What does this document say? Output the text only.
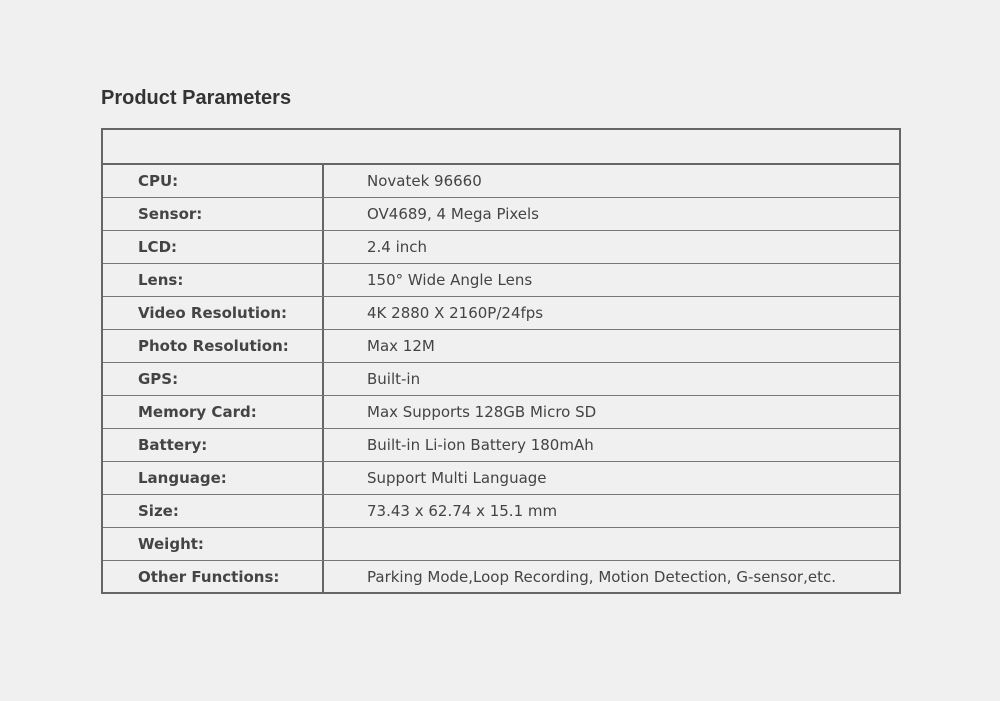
Product Parameters
CPU:	Novatek 96660
Sensor:	OV4689, 4 Mega Pixels
LCD:	2.4 inch
Lens:	150° Wide Angle Lens
Video Resolution:	4K 2880 X 2160P/24fps
Photo Resolution:	Max 12M
GPS:	Built-in
Memory Card:	Max Supports 128GB Micro SD
Battery:	Built-in Li-ion Battery 180mAh
Language:	Support Multi Language
Size:	73.43 x 62.74 x 15.1 mm
Weight:
Other Functions:	Parking Mode,Loop Recording, Motion Detection, G-sensor,etc.
